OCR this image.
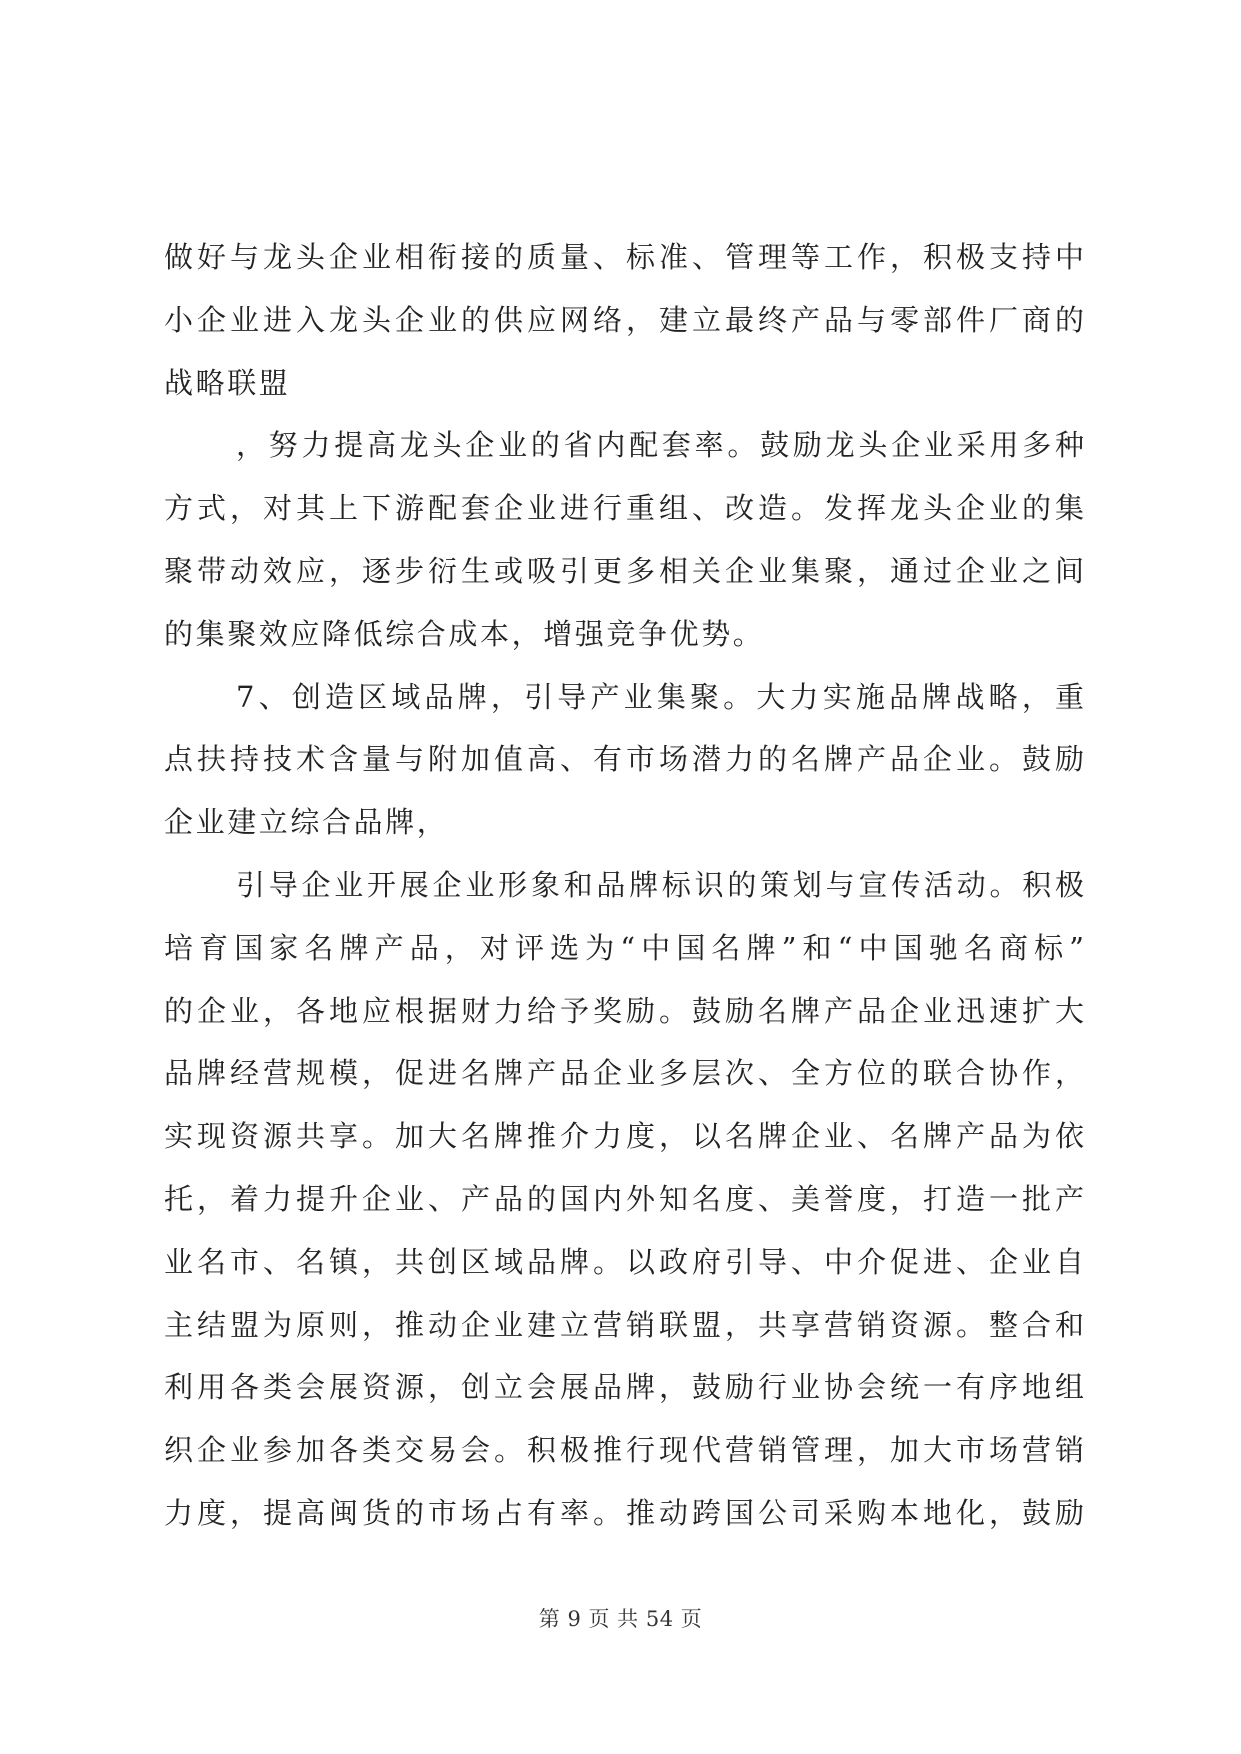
做好与龙头企业相衔接的质量、标准、管理等工作，积极支持中
小企业进入龙头企业的供应网络，建立最终产品与零部件厂商的
战略联盟
，努力提高龙头企业的省内配套率。鼓励龙头企业采用多种
方式，对其上下游配套企业进行重组、改造。发挥龙头企业的集
聚带动效应，逐步衍生或吸引更多相关企业集聚，通过企业之间
的集聚效应降低综合成本，增强竞争优势。
7、创造区域品牌，引导产业集聚。大力实施品牌战略，重
点扶持技术含量与附加值高、有市场潜力的名牌产品企业。鼓励
企业建立综合品牌，
引导企业开展企业形象和品牌标识的策划与宣传活动。积极
培育国家名牌产品，对评选为“中国名牌”和“中国驰名商标”
的企业，各地应根据财力给予奖励。鼓励名牌产品企业迅速扩大
品牌经营规模，促进名牌产品企业多层次、全方位的联合协作，
实现资源共享。加大名牌推介力度，以名牌企业、名牌产品为依
托，着力提升企业、产品的国内外知名度、美誉度，打造一批产
业名市、名镇，共创区域品牌。以政府引导、中介促进、企业自
主结盟为原则，推动企业建立营销联盟，共享营销资源。整合和
利用各类会展资源，创立会展品牌，鼓励行业协会统一有序地组
织企业参加各类交易会。积极推行现代营销管理，加大市场营销
力度，提高闽货的市场占有率。推动跨国公司采购本地化，鼓励
第 9 页 共 54 页
